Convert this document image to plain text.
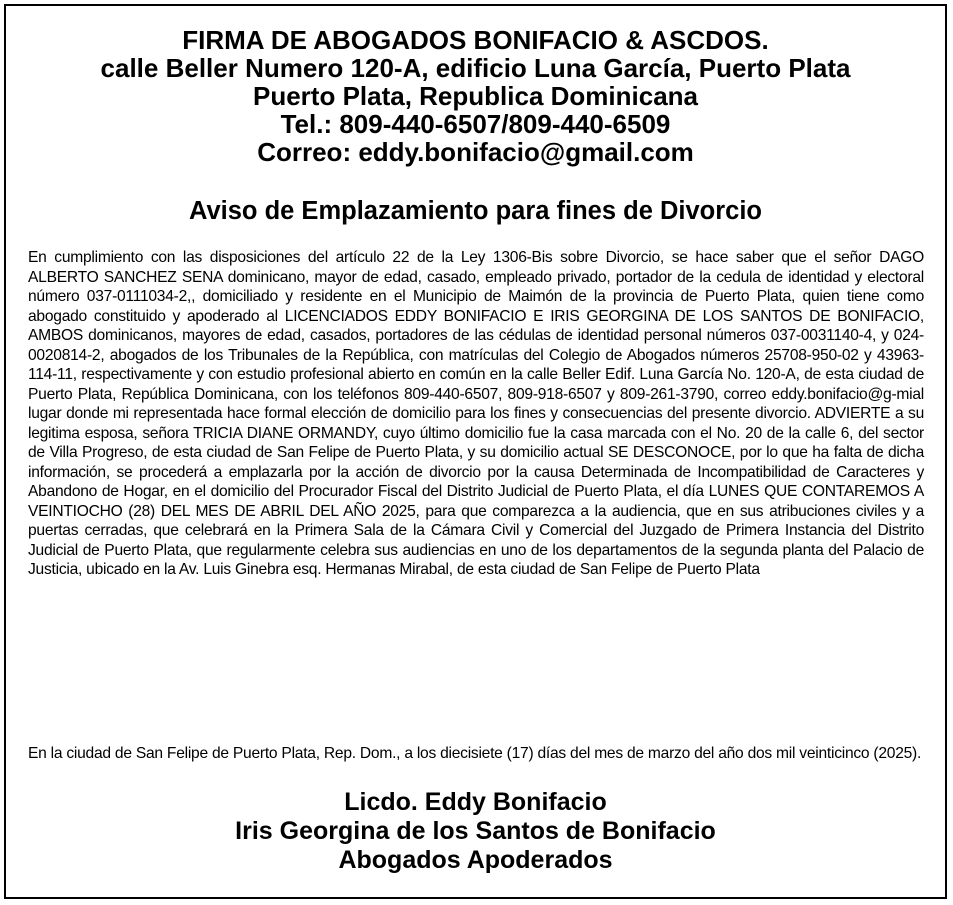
FIRMA DE ABOGADOS BONIFACIO & ASCDOS.
calle Beller Numero 120-A, edificio Luna García, Puerto Plata
Puerto Plata, Republica Dominicana
Tel.: 809-440-6507/809-440-6509
Correo: eddy.bonifacio@gmail.com
Aviso de Emplazamiento para fines de Divorcio

En cumplimiento con las disposiciones del artículo 22 de la Ley 1306-Bis sobre Divorcio, se hace saber que el señor DAGO ALBERTO SANCHEZ SENA dominicano, mayor de edad, casado, empleado privado, portador de la cedula de identidad y electoral número 037-0111034-2,, domiciliado y residente en el Municipio de Maimón de la provincia de Puerto Plata, quien tiene como abogado constituido y apoderado al LICENCIADOS EDDY BONIFACIO E IRIS GEORGINA DE LOS SANTOS DE BONIFACIO, AMBOS dominicanos, mayores de edad, casados, portadores de las cédulas de identidad personal números 037-0031140-4, y 024-0020814-2, abogados de los Tribunales de la República, con matrículas del Colegio de Abogados números 25708-950-02 y 43963-114-11, respectivamente y con estudio profesional abierto en común en la calle Beller Edif. Luna García No. 120-A, de esta ciudad de Puerto Plata, República Dominicana, con los teléfonos 809-440-6507, 809-918-6507 y 809-261-3790, correo eddy.bonifacio@g-mial lugar donde mi representada hace formal elección de domicilio para los fines y consecuencias del presente divorcio. ADVIERTE a su legitima esposa, señora TRICIA DIANE ORMANDY, cuyo último domicilio fue la casa marcada con el No. 20 de la calle 6, del sector de Villa Progreso, de esta ciudad de San Felipe de Puerto Plata, y su domicilio actual SE DESCONOCE, por lo que ha falta de dicha información, se procederá a emplazarla por la acción de divorcio por la causa Determinada de Incompatibilidad de Caracteres y Abandono de Hogar, en el domicilio del Procurador Fiscal del Distrito Judicial de Puerto Plata, el día LUNES QUE CONTAREMOS A VEINTIOCHO (28) DEL MES DE ABRIL DEL AÑO 2025, para que comparezca a la audiencia, que en sus atribuciones civiles y a puertas cerradas, que celebrará en la Primera Sala de la Cámara Civil y Comercial del Juzgado de Primera Instancia del Distrito Judicial de Puerto Plata, que regularmente celebra sus audiencias en uno de los departamentos de la segunda planta del Palacio de Justicia, ubicado en la Av. Luis Ginebra esq. Hermanas Mirabal, de esta ciudad de San Felipe de Puerto Plata

En la ciudad de San Felipe de Puerto Plata, Rep. Dom., a los diecisiete (17) días del mes de marzo del año dos mil veinticinco (2025).
Licdo. Eddy Bonifacio
Iris Georgina de los Santos de Bonifacio
Abogados Apoderados
